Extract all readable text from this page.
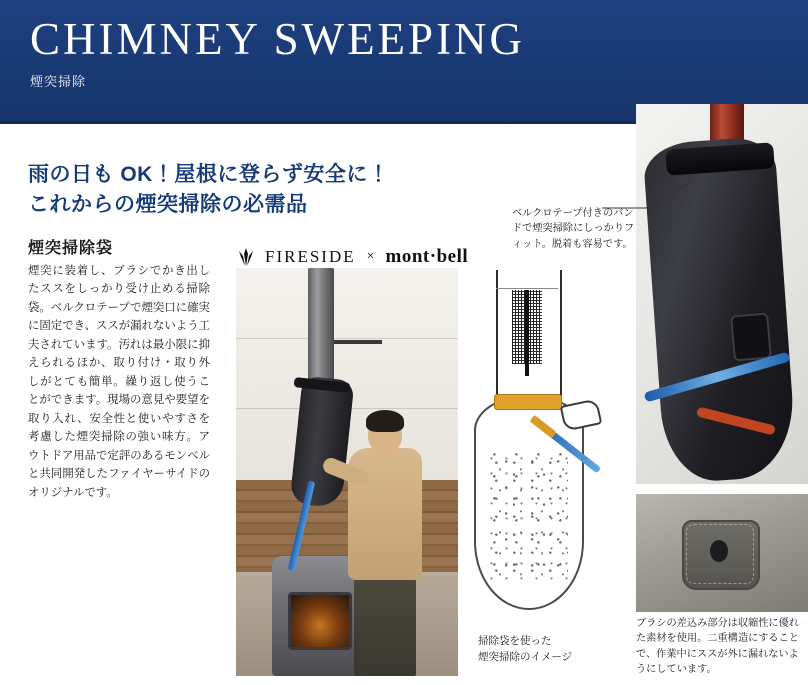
CHIMNEY SWEEPING
煙突掃除
雨の日も OK！屋根に登らず安全に！
これからの煙突掃除の必需品
煙突掃除袋
煙突に装着し、ブラシでかき出したススをしっかり受け止める掃除袋。ベルクロテープで煙突口に確実に固定でき、ススが漏れないよう工夫されています。汚れは最小限に抑えられるほか、取り付け・取り外しがとても簡単。繰り返し使うことができます。現場の意見や要望を取り入れ、安全性と使いやすさを考慮した煙突掃除の強い味方。アウトドア用品で定評のあるモンベルと共同開発したファイヤーサイドのオリジナルです。
FIRESIDE × mont·bell
掃除袋を使った
煙突掃除のイメージ
ベルクロテープ付きのバンドで煙突掃除にしっかりフィット。脱着も容易です。
ブラシの差込み部分は収縮性に優れた素材を使用。二重構造にすることで、作業中にススが外に漏れないようにしています。
